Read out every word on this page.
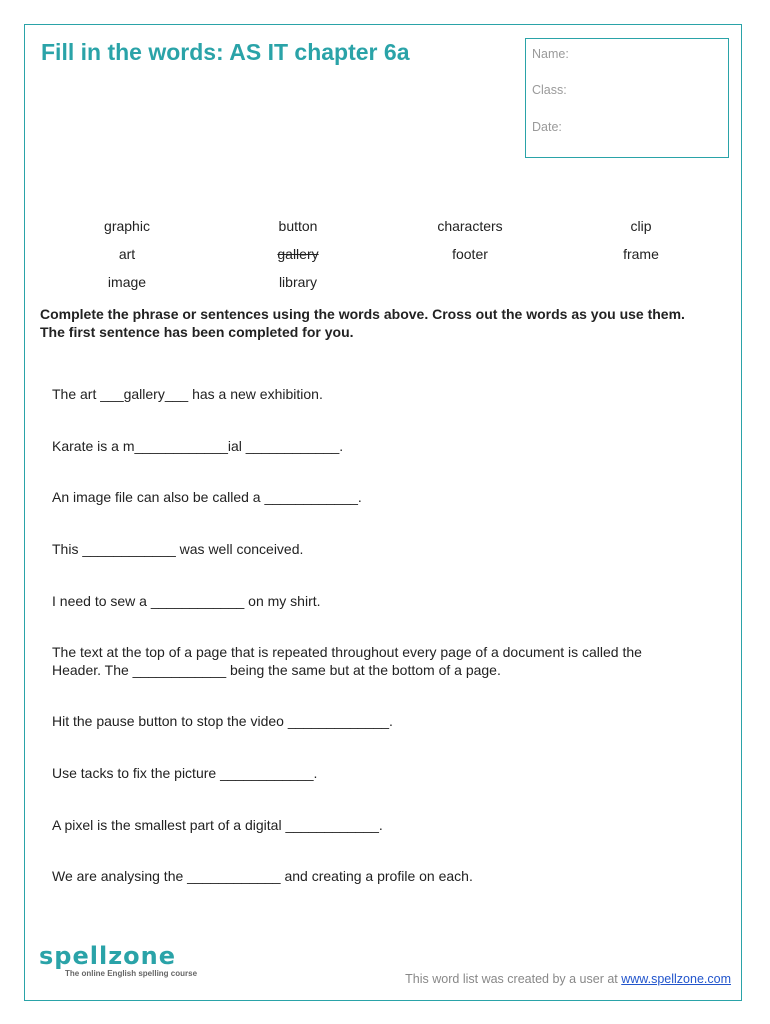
Fill in the words: AS IT chapter 6a	Name:
Class:
Date:
graphic	button	characters	clip
art	gallery	footer	frame
image	library
Complete the phrase or sentences using the words above. Cross out the words as you use them.
The first sentence has been completed for you.
The art ___gallery___ has a new exhibition.
Karate is a m____________ial ____________.
An image file can also be called a ____________.
This ____________ was well conceived.
I need to sew a ____________ on my shirt.
The text at the top of a page that is repeated throughout every page of a document is called the
Header. The ____________ being the same but at the bottom of a page.
Hit the pause button to stop the video _____________.
Use tacks to fix the picture ____________.
A pixel is the smallest part of a digital ____________.
We are analysing the ____________ and creating a profile on each.
spellzone
The online English spelling course	This word list was created by a user at www.spellzone.com
